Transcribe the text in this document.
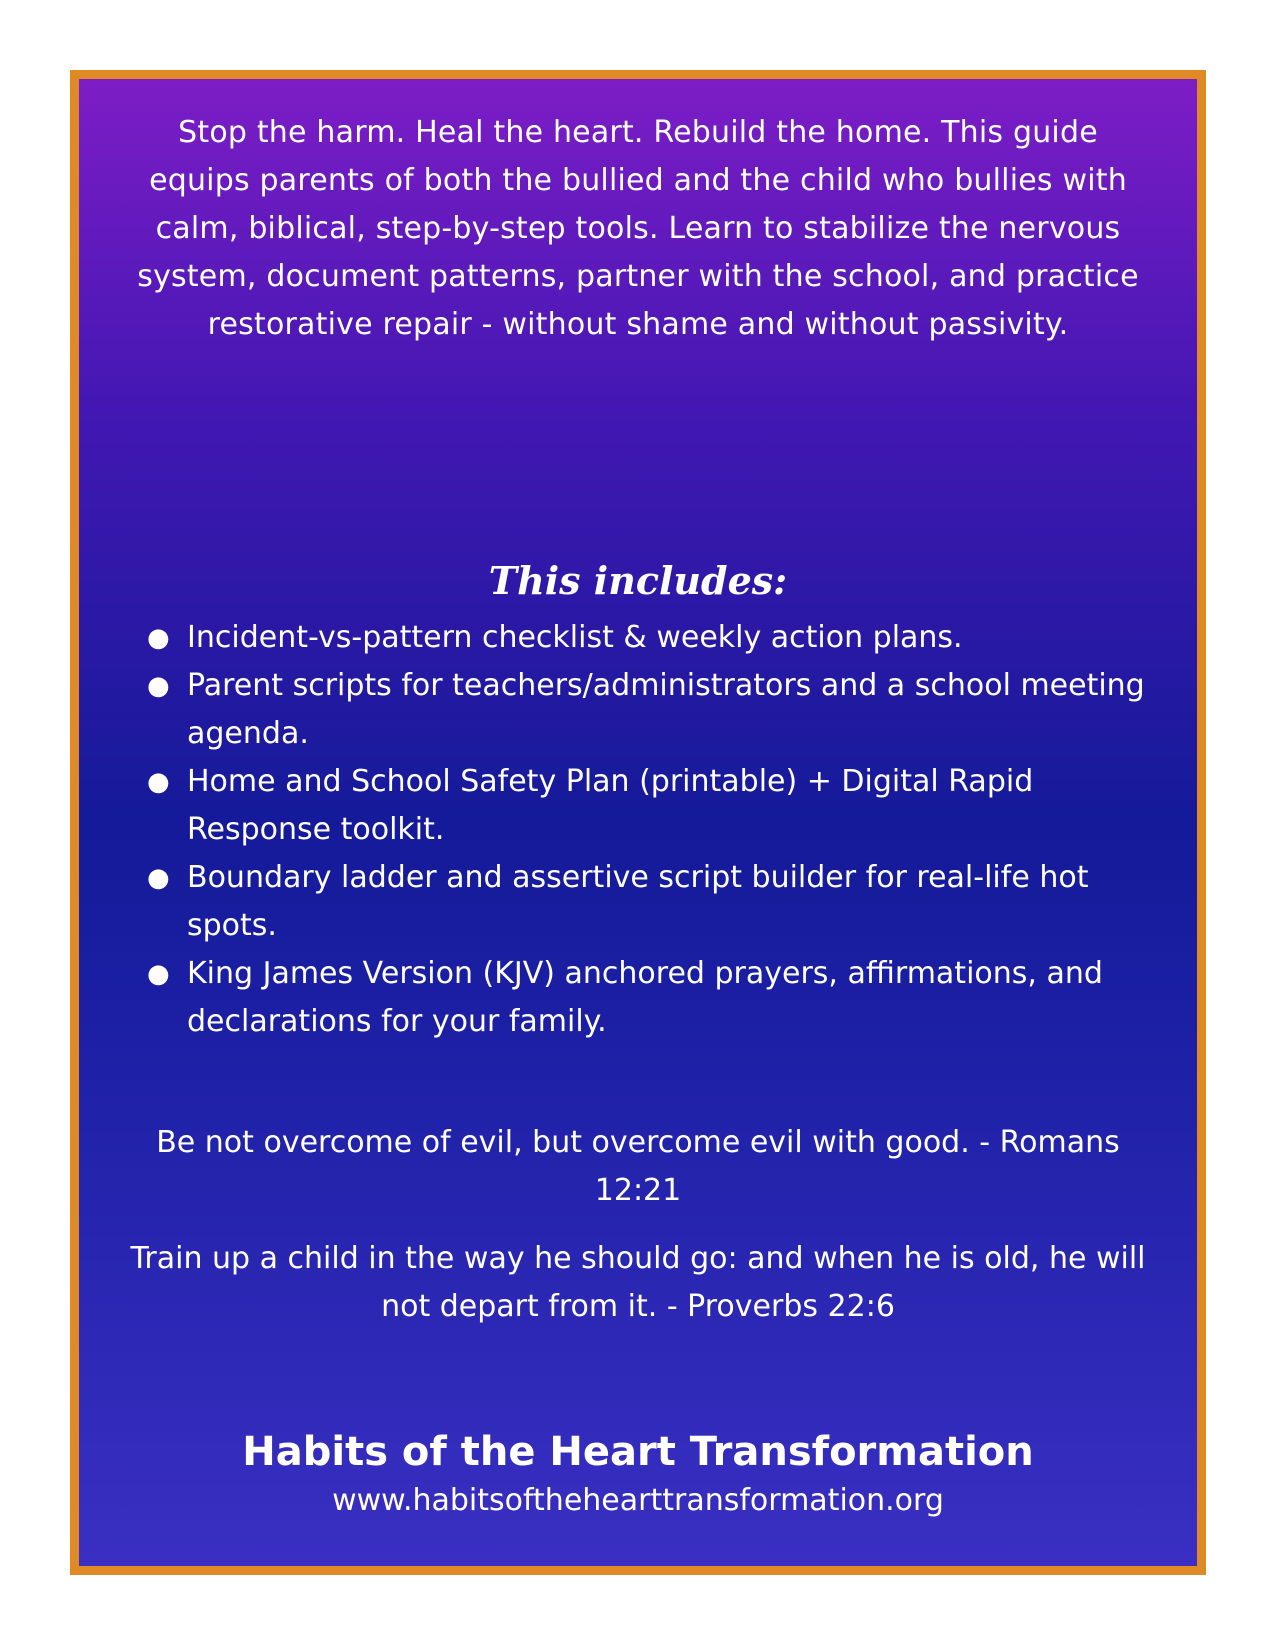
Stop the harm. Heal the heart. Rebuild the home. This guide equips parents of both the bullied and the child who bullies with calm, biblical, step-by-step tools. Learn to stabilize the nervous system, document patterns, partner with the school, and practice restorative repair - without shame and without passivity.

This includes:
● Incident-vs-pattern checklist & weekly action plans.
● Parent scripts for teachers/administrators and a school meeting agenda.
● Home and School Safety Plan (printable) + Digital Rapid Response toolkit.
● Boundary ladder and assertive script builder for real-life hot spots.
● King James Version (KJV) anchored prayers, affirmations, and declarations for your family.

Be not overcome of evil, but overcome evil with good. - Romans 12:21

Train up a child in the way he should go: and when he is old, he will not depart from it. - Proverbs 22:6

Habits of the Heart Transformation

www.habitsofthehearttransformation.org
